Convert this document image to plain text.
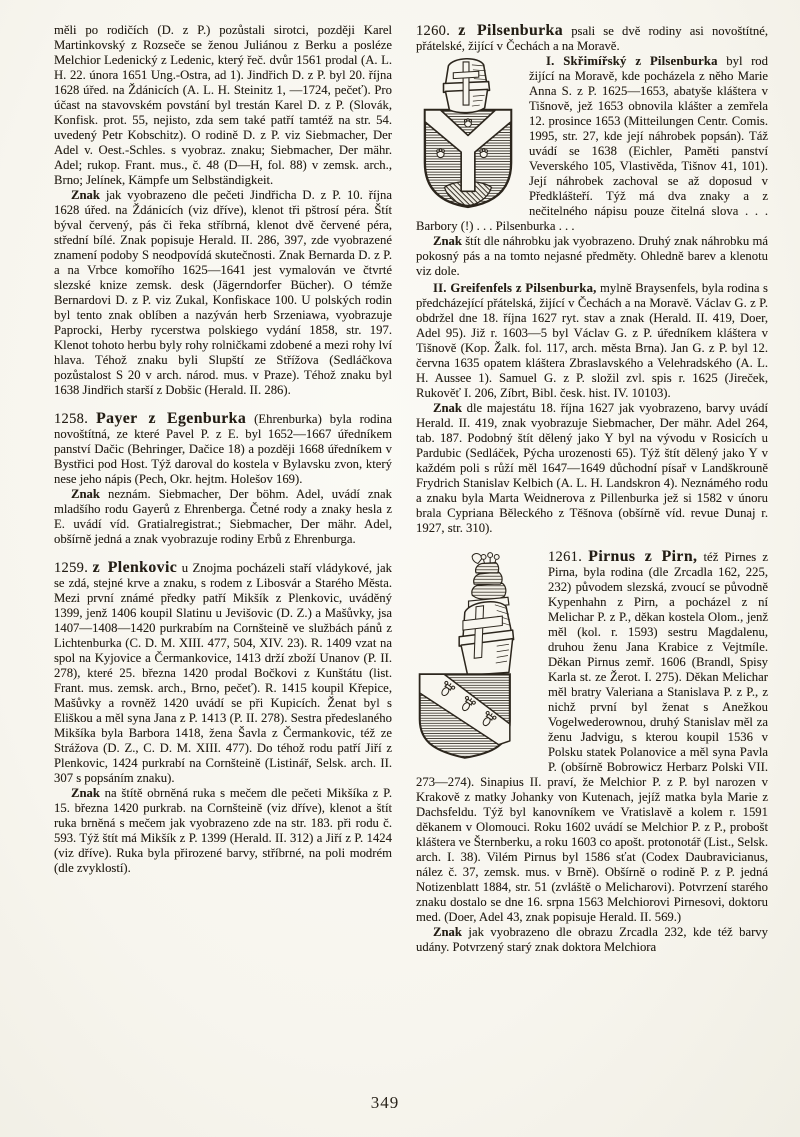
měli po rodičích (D. z P.) pozůstali sirotci, později Karel Martinkovský z Rozseče se ženou Juliánou z Berku a posléze Melchior Ledenický z Ledenic, který řeč. dvůr 1561 prodal (A. L. H. 22. února 1651 Ung.-Ostra, ad 1). Jindřich D. z P. byl 20. října 1628 úřed. na Ždánicích (A. L. H. Steinitz 1, —1724, pečeť). Pro účast na stavovském povstání byl trestán Karel D. z P. (Slovák, Konfisk. prot. 55, nejisto, zda sem také patří tamtéž na str. 54. uvedený Petr Kobschitz). O rodině D. z P. viz Siebmacher, Der Adel v. Oest.-Schles. s vyobraz. znaku; Siebmacher, Der mähr. Adel; rukop. Frant. mus., č. 48 (D—H, fol. 88) v zemsk. arch., Brno; Jelínek, Kämpfe um Selbständigkeit.

Znak jak vyobrazeno dle pečeti Jindřicha D. z P. 10. října 1628 úřed. na Ždánicích (viz dříve), klenot tři pštrosí péra. Štít býval červený, pás či řeka stříbrná, klenot dvě červené péra, střední bílé. Znak popisuje Herald. II. 286, 397, zde vyobrazené znamení podoby S neodpovídá skutečnosti. Znak Bernarda D. z P. a na Vrbce komořího 1625—1641 jest vymalován ve čtvrté slezské knize zemsk. desk (Jägerndorfer Bücher). O témže Bernardovi D. z P. viz Zukal, Konfiskace 100. U polských rodin byl tento znak oblíben a nazýván herb Srzeniawa, vyobrazuje Paprocki, Herby rycerstwa polskiego vydání 1858, str. 197. Klenot tohoto herbu byly rohy rolničkami zdobené a mezi rohy lví hlava. Téhož znaku byli Slupští ze Střížova (Sedláčkova pozůstalost S 20 v arch. národ. mus. v Praze). Téhož znaku byl 1638 Jindřich starší z Dobšic (Herald. II. 286).

1258. Payer z Egenburka (Ehrenburka) byla rodina novoštítná, ze které Pavel P. z E. byl 1652—1667 úředníkem panství Dačic (Behringer, Dačice 18) a později 1668 úředníkem v Bystřici pod Host. Týž daroval do kostela v Bylavsku zvon, který nese jeho nápis (Pech, Okr. hejtm. Holešov 169).

Znak neznám. Siebmacher, Der böhm. Adel, uvádí znak mladšího rodu Gayerů z Ehrenberga. Četné rody a znaky hesla z E. uvádí víd. Gratialregistrat.; Siebmacher, Der mähr. Adel, obšírně jedná a znak vyobrazuje rodiny Erbů z Ehrenburga.

1259. z Plenkovic u Znojma pocházeli staří vládykové, jak se zdá, stejné krve a znaku, s rodem z Libosvár a Starého Města. Mezi první známé předky patří Mikšík z Plenkovic, uváděný 1399, jenž 1406 koupil Slatinu u Jevišovic (D. Z.) a Mašůvky, jsa 1407—1408—1420 purkrabím na Cornšteině ve službách pánů z Lichtenburka (C. D. M. XIII. 477, 504, XIV. 23). R. 1409 vzat na spol na Kyjovice a Čermankovice, 1413 drží zboží Unanov (P. II. 278), které 25. března 1420 prodal Bočkovi z Kunštátu (list. Frant. mus. zemsk. arch., Brno, pečeť). R. 1415 koupil Křepice, Mašůvky a rovněž 1420 uvádí se při Kupicích. Ženat byl s Eliškou a měl syna Jana z P. 1413 (P. II. 278). Sestra předeslaného Mikšíka byla Barbora 1418, žena Šavla z Čermankovic, též ze Strážova (D. Z., C. D. M. XIII. 477). Do téhož rodu patří Jiří z Plenkovic, 1424 purkrabí na Cornšteině (Listinář, Selsk. arch. II. 307 s popsáním znaku).

Znak na štítě obrněná ruka s mečem dle pečeti Mikšíka z P. 15. března 1420 purkrab. na Cornšteině (viz dříve), klenot a štít ruka brněná s mečem jak vyobrazeno zde na str. 183. při rodu č. 593. Týž štít má Mikšík z P. 1399 (Herald. II. 312) a Jiří z P. 1424 (viz dříve). Ruka byla přirozené barvy, stříbrné, na poli modrém (dle zvyklostí).

1260. z Pilsenburka psali se dvě rodiny asi novoštítné, přátelské, žijící v Čechách a na Moravě.

I. Skřimířský z Pilsenburka
byl rod žijící na Moravě, kde pocházela z něho Marie Anna S. z P. 1625—1653, abatyše kláštera v Tišnově, jež 1653 obnovila klášter a zemřela 12. prosince 1653 (Mitteilungen Centr. Comis. 1995, str. 27, kde její náhrobek popsán). Táž uvádí se 1638 (Eichler, Paměti panství Veverského 105, Vlastivěda, Tišnov 41, 101). Její náhrobek zachoval se až doposud v Předklášteří. Týž má dva znaky a z nečitelného nápisu pouze čitelná slova . . . Barbory (!) . . . Pilsenburka . . .

Znak štít dle náhrobku jak vyobrazeno. Druhý znak náhrobku má pokosný pás a na tomto nejasné předměty. Ohledně barev a klenotu viz dole.

II. Greifenfels z Pilsenburka, mylně Braysenfels, byla rodina s předcházející přátelská, žijící v Čechách a na Moravě. Václav G. z P. obdržel dne 18. října 1627 ryt. stav a znak (Herald. II. 419, Doer, Adel 95). Již r. 1603—5 byl Václav G. z P. úředníkem kláštera v Tišnově (Kop. Žalk. fol. 117, arch. města Brna). Jan G. z P. byl 12. června 1635 opatem kláštera Zbraslavského a Velehradského (A. L. H. Aussee 1). Samuel G. z P. složil zvl. spis r. 1625 (Jireček, Rukověť I. 206, Zíbrt, Bibl. česk. hist. IV. 10103).

Znak dle majestátu 18. října 1627 jak vyobrazeno, barvy uvádí Herald. II. 419, znak vyobrazuje Siebmacher, Der mähr. Adel 264, tab. 187. Podobný štít dělený jako Y byl na vývodu v Rosicích u Pardubic (Sedláček, Pýcha urozenosti 65). Týž štít dělený jako Y v každém poli s růží měl 1647—1649 důchodní písař v Landškrouně Frydrich Stanislav Kelbich (A. L. H. Landskron 4). Neznámého rodu a znaku byla Marta Weidnerova z Pillenburka jež si 1582 v únoru brala Cypriana Běleckého z Těšnova (obšírně víd. revue Dunaj r. 1927, str. 310).

1261. Pirnus z Pirn, též Pirnes z Pirna, byla rodina (dle Zrcadla 162, 225, 232) původem slezská, zvoucí se původně Kypenhahn z Pirn, a pocházel z ní Melichar P. z P., děkan kostela Olom., jenž měl (kol. r. 1593) sestru Magdalenu, druhou ženu Jana Krabice z Vejtmíle. Děkan Pirnus zemř. 1606 (Brandl, Spisy Karla st. ze Žerot. I. 275). Děkan Melichar měl bratry Valeriana a Stanislava P. z P., z nichž první byl ženat s Anežkou Vogelwederownou, druhý Stanislav měl za ženu Jadvigu, s kterou koupil 1536 v Polsku statek Polanovice a měl syna Pavla P. (obšírně Bobrowicz Herbarz Polski VII. 273—274). Sinapius II. praví, že Melchior P. z P. byl narozen v Krakově z matky Johanky von Kutenach, jejíž matka byla Marie z Dachsfeldu. Týž byl kanovníkem ve Vratislavě a kolem r. 1591 děkanem v Olomouci. Roku 1602 uvádí se Melchior P. z P., probošt kláštera ve Šternberku, a roku 1603 co apošt. protonotář (List., Selsk. arch. I. 38). Vilém Pirnus byl 1586 sťat (Codex Daubravicianus, nález č. 37, zemsk. mus. v Brně). Obšírně o rodině P. z P. jedná Notizenblatt 1884, str. 51 (zvláště o Melicharovi). Potvrzení starého znaku dostalo se dne 16. srpna 1563 Melchiorovi Pirnesovi, doktoru med. (Doer, Adel 43, znak popisuje Herald. II. 569.)

Znak jak vyobrazeno dle obrazu Zrcadla 232, kde též barvy udány. Potvrzený starý znak doktora Melchiora

349
